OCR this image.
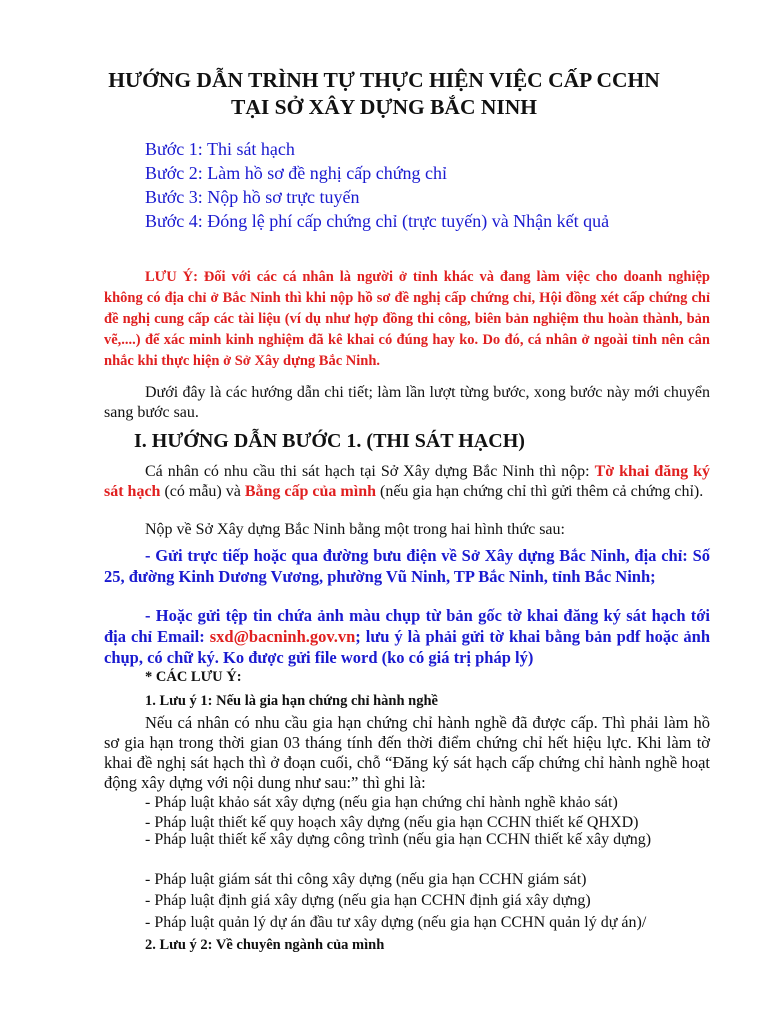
HƯỚNG DẪN TRÌNH TỰ THỰC HIỆN VIỆC CẤP CCHN
TẠI SỞ XÂY DỰNG BẮC NINH
Bước 1: Thi sát hạch
Bước 2: Làm hồ sơ đề nghị cấp chứng chỉ
Bước 3: Nộp hồ sơ trực tuyến
Bước 4: Đóng lệ phí cấp chứng chỉ (trực tuyến) và Nhận kết quả

LƯU Ý: Đối với các cá nhân là người ở tỉnh khác và đang làm việc cho doanh nghiệp không có địa chỉ ở Bắc Ninh thì khi nộp hồ sơ đề nghị cấp chứng chỉ, Hội đồng xét cấp chứng chỉ đề nghị cung cấp các tài liệu (ví dụ như hợp đồng thi công, biên bản nghiệm thu hoàn thành, bản vẽ,....) để xác minh kinh nghiệm đã kê khai có đúng hay ko. Do đó, cá nhân ở ngoài tỉnh nên cân nhắc khi thực hiện ở Sở Xây dựng Bắc Ninh.

Dưới đây là các hướng dẫn chi tiết; làm lần lượt từng bước, xong bước này mới chuyển sang bước sau.

I. HƯỚNG DẪN BƯỚC 1. (THI SÁT HẠCH)

Cá nhân có nhu cầu thi sát hạch tại Sở Xây dựng Bắc Ninh thì nộp: Tờ khai đăng ký sát hạch (có mẫu) và Bằng cấp của mình (nếu gia hạn chứng chỉ thì gửi thêm cả chứng chỉ).

Nộp về Sở Xây dựng Bắc Ninh bằng một trong hai hình thức sau:

- Gửi trực tiếp hoặc qua đường bưu điện về Sở Xây dựng Bắc Ninh, địa chỉ: Số 25, đường Kinh Dương Vương, phường Vũ Ninh, TP Bắc Ninh, tỉnh Bắc Ninh;

- Hoặc gửi tệp tin chứa ảnh màu chụp từ bản gốc tờ khai đăng ký sát hạch tới địa chỉ Email: sxd@bacninh.gov.vn; lưu ý là phải gửi tờ khai bằng bản pdf hoặc ảnh chụp, có chữ ký. Ko được gửi file word (ko có giá trị pháp lý)

* CÁC LƯU Ý:
1. Lưu ý 1: Nếu là gia hạn chứng chỉ hành nghề

Nếu cá nhân có nhu cầu gia hạn chứng chỉ hành nghề đã được cấp. Thì phải làm hồ sơ gia hạn trong thời gian 03 tháng tính đến thời điểm chứng chỉ hết hiệu lực. Khi làm tờ khai đề nghị sát hạch thì ở đoạn cuối, chỗ “Đăng ký sát hạch cấp chứng chỉ hành nghề hoạt động xây dựng với nội dung như sau:” thì ghi là:

- Pháp luật khảo sát xây dựng (nếu gia hạn chứng chỉ hành nghề khảo sát)
- Pháp luật thiết kế quy hoạch xây dựng (nếu gia hạn CCHN thiết kế QHXD)

- Pháp luật thiết kế xây dựng công trình (nếu gia hạn CCHN thiết kế xây dựng)

- Pháp luật giám sát thi công xây dựng (nếu gia hạn CCHN giám sát)
- Pháp luật định giá xây dựng (nếu gia hạn CCHN định giá xây dựng)
- Pháp luật quản lý dự án đầu tư xây dựng (nếu gia hạn CCHN quản lý dự án)/
2. Lưu ý 2: Về chuyên ngành của mình
